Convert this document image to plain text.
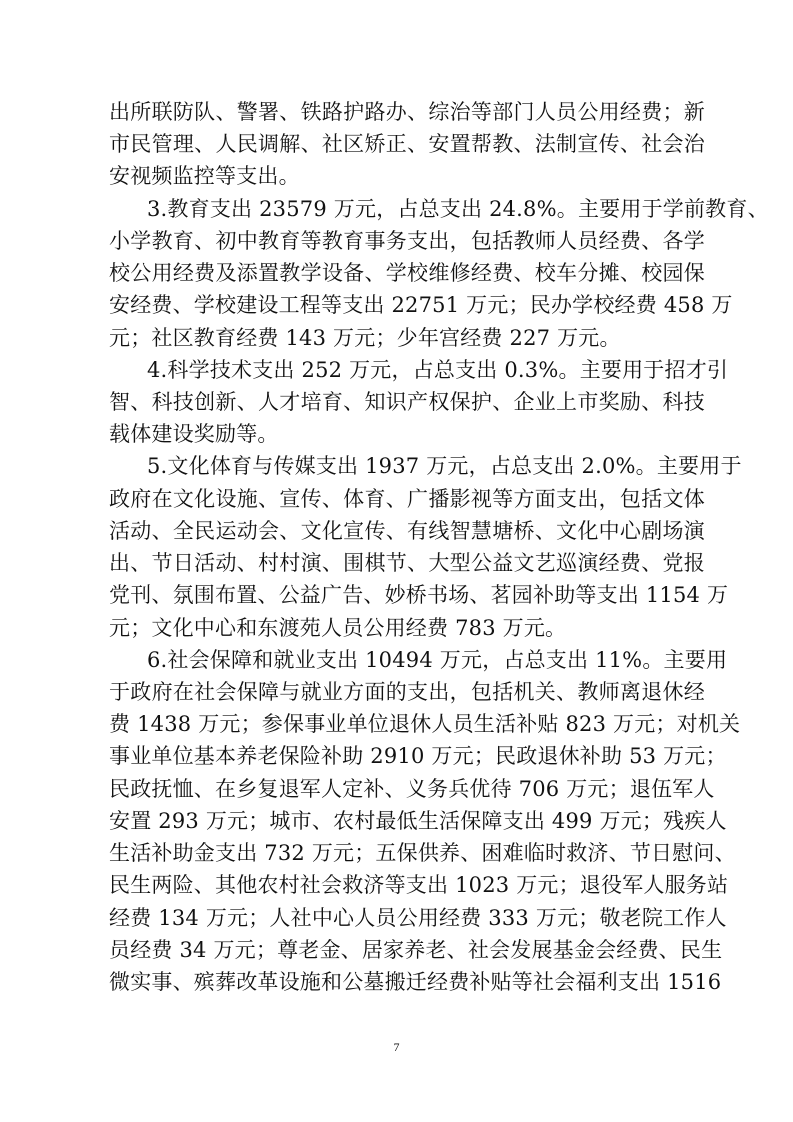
出所联防队、警署、铁路护路办、综治等部门人员公用经费；新
市民管理、人民调解、社区矫正、安置帮教、法制宣传、社会治
安视频监控等支出。
3.教育支出 23579 万元，占总支出 24.8%。主要用于学前教育、
小学教育、初中教育等教育事务支出，包括教师人员经费、各学
校公用经费及添置教学设备、学校维修经费、校车分摊、校园保
安经费、学校建设工程等支出 22751 万元；民办学校经费 458 万
元；社区教育经费 143 万元；少年宫经费 227 万元。
4.科学技术支出 252 万元，占总支出 0.3%。主要用于招才引
智、科技创新、人才培育、知识产权保护、企业上市奖励、科技
载体建设奖励等。
5.文化体育与传媒支出 1937 万元，占总支出 2.0%。主要用于
政府在文化设施、宣传、体育、广播影视等方面支出，包括文体
活动、全民运动会、文化宣传、有线智慧塘桥、文化中心剧场演
出、节日活动、村村演、围棋节、大型公益文艺巡演经费、党报
党刊、氛围布置、公益广告、妙桥书场、茗园补助等支出 1154 万
元；文化中心和东渡苑人员公用经费 783 万元。
6.社会保障和就业支出 10494 万元，占总支出 11%。主要用
于政府在社会保障与就业方面的支出，包括机关、教师离退休经
费 1438 万元；参保事业单位退休人员生活补贴 823 万元；对机关
事业单位基本养老保险补助 2910 万元；民政退休补助 53 万元；
民政抚恤、在乡复退军人定补、义务兵优待 706 万元；退伍军人
安置 293 万元；城市、农村最低生活保障支出 499 万元；残疾人
生活补助金支出 732 万元；五保供养、困难临时救济、节日慰问、
民生两险、其他农村社会救济等支出 1023 万元；退役军人服务站
经费 134 万元；人社中心人员公用经费 333 万元；敬老院工作人
员经费 34 万元；尊老金、居家养老、社会发展基金会经费、民生
微实事、殡葬改革设施和公墓搬迁经费补贴等社会福利支出 1516
7
